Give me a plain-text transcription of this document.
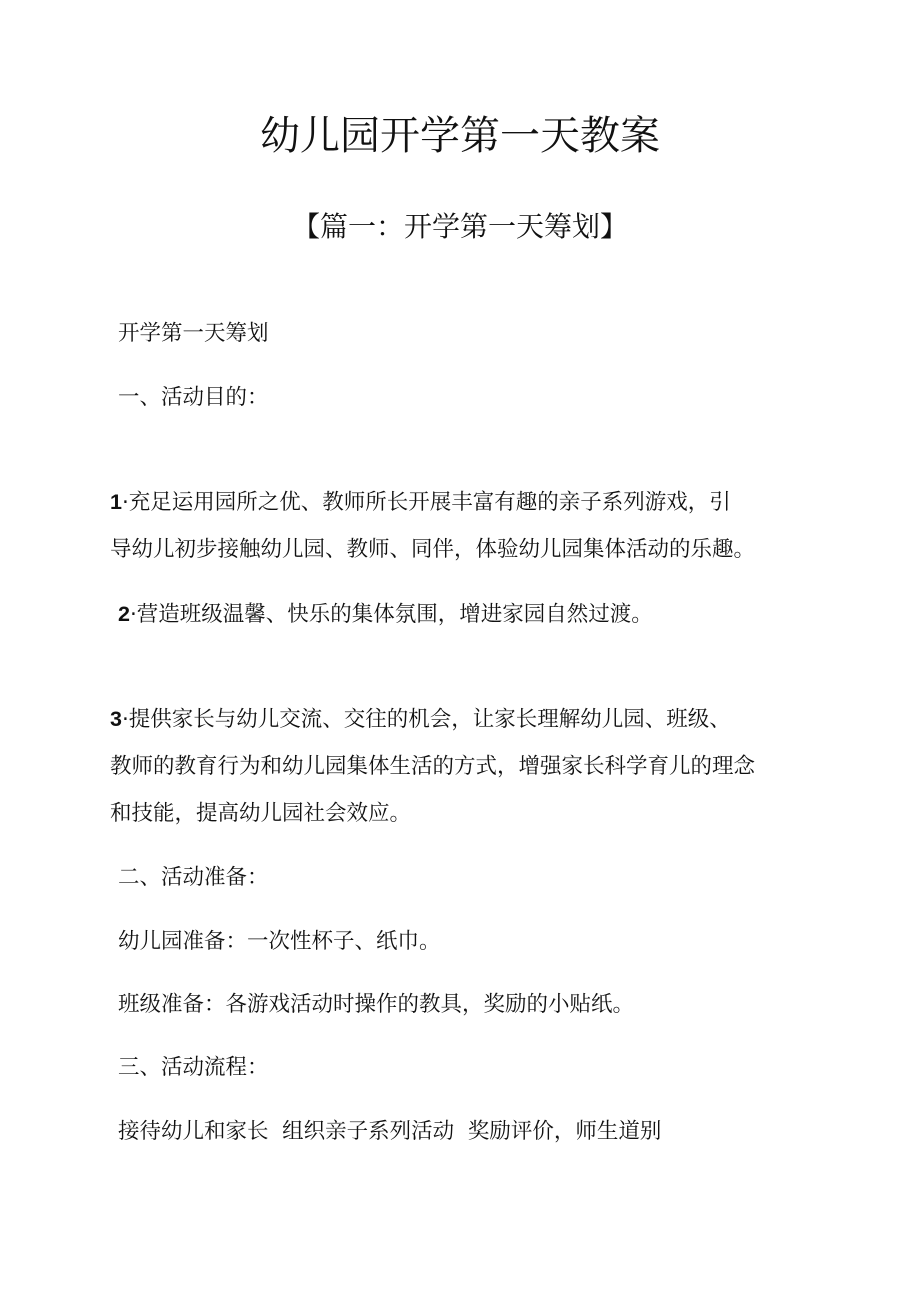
幼儿园开学第一天教案
【篇一：开学第一天筹划】
开学第一天筹划
一、活动目的：
1·充足运用园所之优、教师所长开展丰富有趣的亲子系列游戏，引
导幼儿初步接触幼儿园、教师、同伴，体验幼儿园集体活动的乐趣。
2·营造班级温馨、快乐的集体氛围，增进家园自然过渡。
3·提供家长与幼儿交流、交往的机会，让家长理解幼儿园、班级、
教师的教育行为和幼儿园集体生活的方式，增强家长科学育儿的理念
和技能，提高幼儿园社会效应。
二、活动准备：
幼儿园准备：一次性杯子、纸巾。
班级准备：各游戏活动时操作的教具，奖励的小贴纸。
三、活动流程：
接待幼儿和家长  组织亲子系列活动  奖励评价，师生道别
